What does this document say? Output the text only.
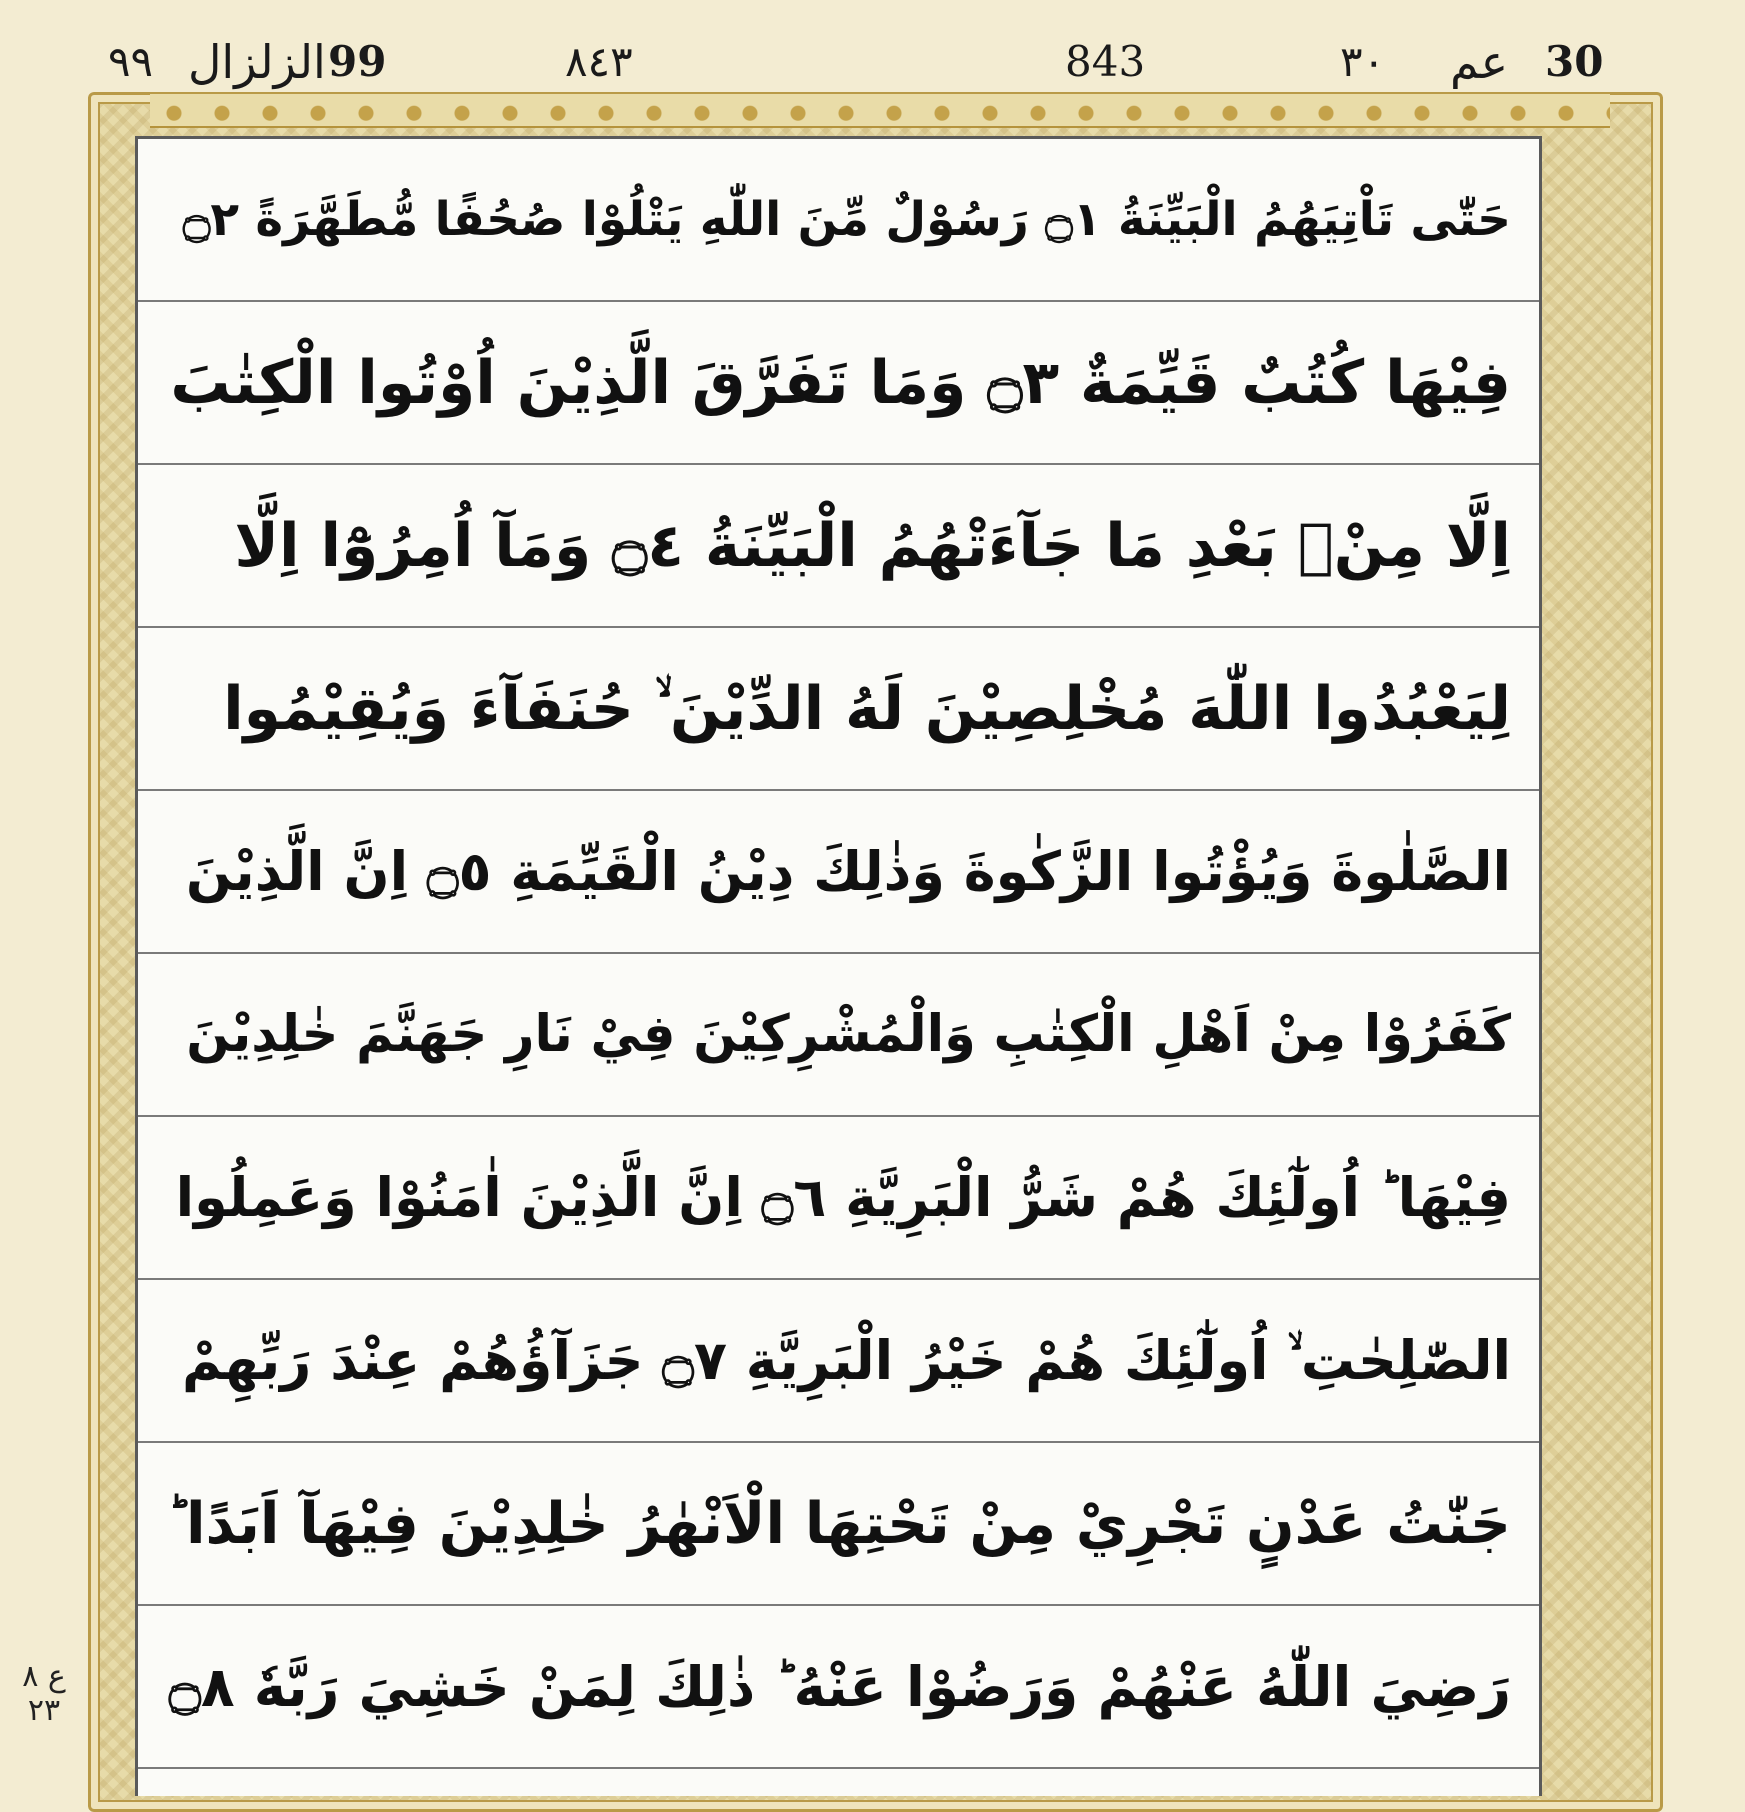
99
الزلزال
٩٩	٨٤٣	843	٣٠ عم 30
حَتّٰى تَاْتِيَهُمُ الْبَيِّنَةُ ۝١ رَسُوْلٌ مِّنَ اللّٰهِ يَتْلُوْا صُحُفًا مُّطَهَّرَةً ۝٢
فِيْهَا كُتُبٌ قَيِّمَةٌ ۝٣ وَمَا تَفَرَّقَ الَّذِيْنَ اُوْتُوا الْكِتٰبَ
اِلَّا مِنْۢ بَعْدِ مَا جَآءَتْهُمُ الْبَيِّنَةُ ۝٤ وَمَآ اُمِرُوْٓا اِلَّا
لِيَعْبُدُوا اللّٰهَ مُخْلِصِيْنَ لَهُ الدِّيْنَ ۙ حُنَفَآءَ وَيُقِيْمُوا
الصَّلٰوةَ وَيُؤْتُوا الزَّكٰوةَ وَذٰلِكَ دِيْنُ الْقَيِّمَةِ ۝٥ اِنَّ الَّذِيْنَ
كَفَرُوْا مِنْ اَهْلِ الْكِتٰبِ وَالْمُشْرِكِيْنَ فِيْ نَارِ جَهَنَّمَ خٰلِدِيْنَ
فِيْهَا ؕ اُولٰٓئِكَ هُمْ شَرُّ الْبَرِيَّةِ ۝٦ اِنَّ الَّذِيْنَ اٰمَنُوْا وَعَمِلُوا
الصّٰلِحٰتِ ۙ اُولٰٓئِكَ هُمْ خَيْرُ الْبَرِيَّةِ ۝٧ جَزَآؤُهُمْ عِنْدَ رَبِّهِمْ
جَنّٰتُ عَدْنٍ تَجْرِيْ مِنْ تَحْتِهَا الْاَنْهٰرُ خٰلِدِيْنَ فِيْهَآ اَبَدًا ؕ
رَضِيَ اللّٰهُ عَنْهُمْ وَرَضُوْا عَنْهُ ؕ ذٰلِكَ لِمَنْ خَشِيَ رَبَّهٗ ۝٨
ع ٨ ٢٣
